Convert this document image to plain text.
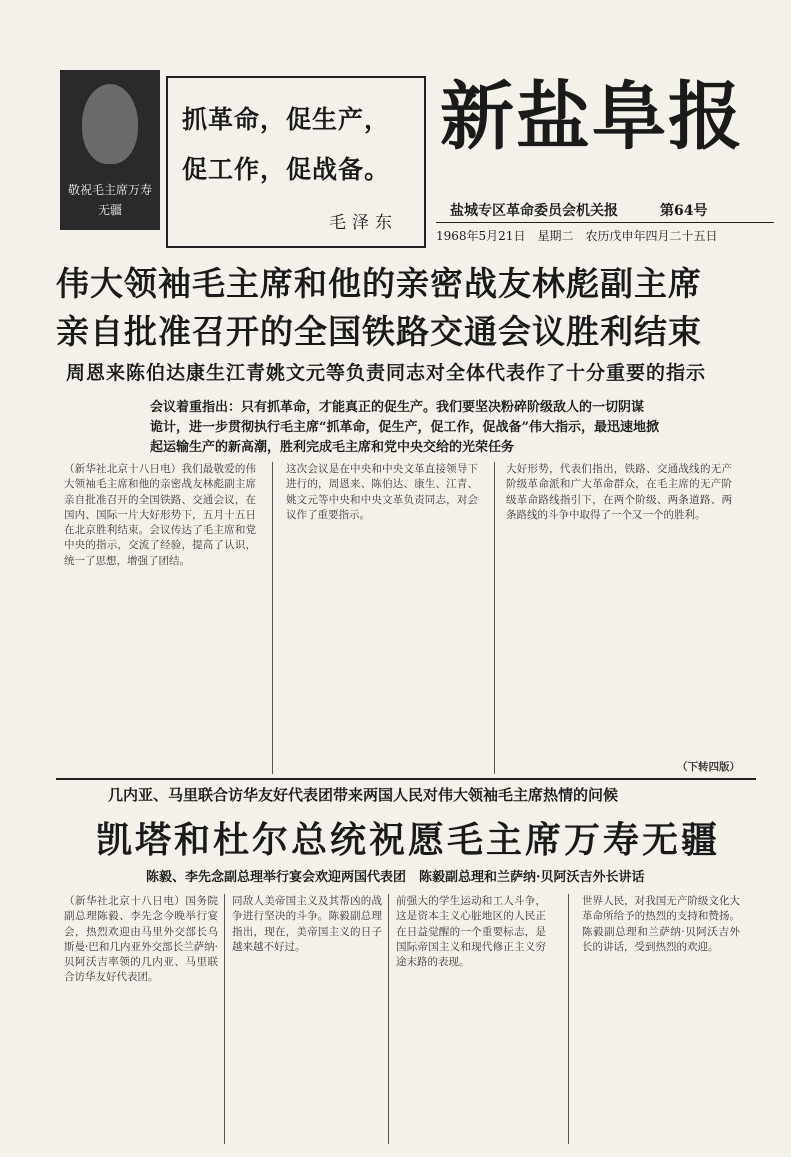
敬祝毛主席万寿无疆
抓革命，促生产，
促工作，促战备。
毛泽东
新盐阜报
盐城专区革命委员会机关报	第64号
1968年5月21日　星期二　农历戊申年四月二十五日
伟大领袖毛主席和他的亲密战友林彪副主席
亲自批准召开的全国铁路交通会议胜利结束
周恩来陈伯达康生江青姚文元等负责同志对全体代表作了十分重要的指示
会议着重指出：只有抓革命，才能真正的促生产。我们要坚决粉碎阶级敌人的一切阴谋
诡计，进一步贯彻执行毛主席“抓革命，促生产，促工作，促战备”伟大指示，最迅速地掀
起运输生产的新高潮，胜利完成毛主席和党中央交给的光荣任务
（新华社北京十八日电）我们最敬爱的伟大领袖毛主席和他的亲密战友林彪副主席亲自批准召开的全国铁路、交通会议，在国内、国际一片大好形势下，五月十五日在北京胜利结束。会议传达了毛主席和党中央的指示，交流了经验，提高了认识，统一了思想，增强了团结。
这次会议是在中央和中央文革直接领导下进行的，周恩来、陈伯达、康生、江青、姚文元等中央和中央文革负责同志，对会议作了重要指示。
大好形势，代表们指出，铁路、交通战线的无产阶级革命派和广大革命群众，在毛主席的无产阶级革命路线指引下，在两个阶级、两条道路、两条路线的斗争中取得了一个又一个的胜利。
（下转四版）
几内亚、马里联合访华友好代表团带来两国人民对伟大领袖毛主席热情的问候
凯塔和杜尔总统祝愿毛主席万寿无疆
陈毅、李先念副总理举行宴会欢迎两国代表团　陈毅副总理和兰萨纳·贝阿沃吉外长讲话
（新华社北京十八日电）国务院副总理陈毅、李先念今晚举行宴会，热烈欢迎由马里外交部长乌斯曼·巴和几内亚外交部长兰萨纳·贝阿沃吉率领的几内亚、马里联合访华友好代表团。
同敌人美帝国主义及其帮凶的战争进行坚决的斗争。陈毅副总理指出，现在，美帝国主义的日子越来越不好过。
前强大的学生运动和工人斗争，这是资本主义心脏地区的人民正在日益觉醒的一个重要标志，是国际帝国主义和现代修正主义穷途末路的表现。
世界人民，对我国无产阶级文化大革命所给予的热烈的支持和赞扬。陈毅副总理和兰萨纳·贝阿沃吉外长的讲话，受到热烈的欢迎。
